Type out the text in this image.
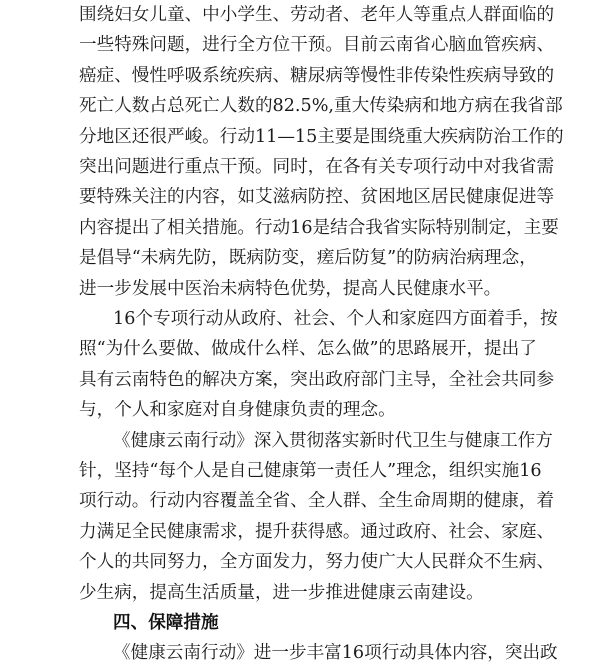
围绕妇女儿童、中小学生、劳动者、老年人等重点人群面临的
一些特殊问题，进行全方位干预。目前云南省心脑血管疾病、
癌症、慢性呼吸系统疾病、糖尿病等慢性非传染性疾病导致的
死亡人数占总死亡人数的82.5%,重大传染病和地方病在我省部
分地区还很严峻。行动11—15主要是围绕重大疾病防治工作的
突出问题进行重点干预。同时，在各有关专项行动中对我省需
要特殊关注的内容，如艾滋病防控、贫困地区居民健康促进等
内容提出了相关措施。行动16是结合我省实际特别制定，主要
是倡导“未病先防，既病防变，瘥后防复”的防病治病理念，
进一步发展中医治未病特色优势，提高人民健康水平。
16个专项行动从政府、社会、个人和家庭四方面着手，按
照“为什么要做、做成什么样、怎么做”的思路展开，提出了
具有云南特色的解决方案，突出政府部门主导，全社会共同参
与，个人和家庭对自身健康负责的理念。
《健康云南行动》深入贯彻落实新时代卫生与健康工作方
针，坚持“每个人是自己健康第一责任人”理念，组织实施16
项行动。行动内容覆盖全省、全人群、全生命周期的健康，着
力满足全民健康需求，提升获得感。通过政府、社会、家庭、
个人的共同努力，全方面发力，努力使广大人民群众不生病、
少生病，提高生活质量，进一步推进健康云南建设。
四、保障措施
《健康云南行动》进一步丰富16项行动具体内容，突出政
